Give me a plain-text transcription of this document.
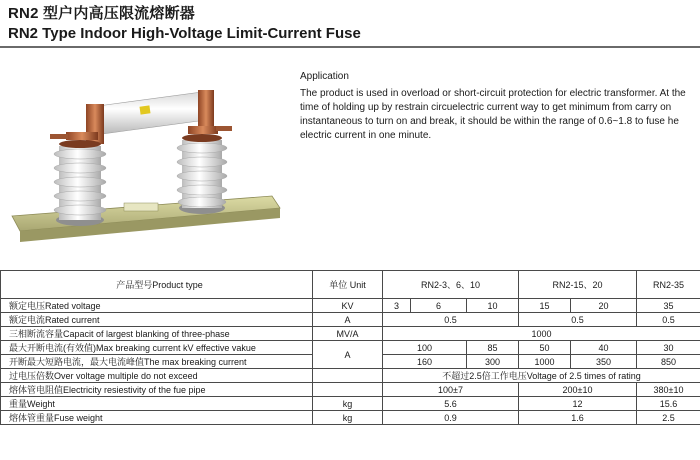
RN2 型户内高压限流熔断器
RN2 Type Indoor High-Voltage Limit-Current Fuse
Application

The product is used in overload or short-circuit protection for electric transformer. At the time of holding up by restrain circuelectric current way to get minimum from carry on instantaneous to turn on and break, it should be within the range of 0.6~1.8 to fuse he electric current in one minute.

产品型号Product type	单位 Unit	RN2-3、6、10			RN2-15、20		RN2-35	
额定电压Rated voltage	KV	3	6	10	15	20	35	
额定电流Rated current	A	0.5			0.5		0.5	
三相断流容量Capacit of largest blanking of three-phase	MV/A	1000						
最大开断电流(有效值)Max breaking current kV effective vakue	A	100		85	50	40	30	
开断最大短路电流，最大电流峰值The max breaking current		160		300	1000	350	850	
过电压倍数Over voltage multiple do not exceed		不超过2.5倍工作电压Voltage of 2.5 times of rating						
熔体管电阻值Electricity resiestivity of the fue pipe		100±7			200±10		380±10	
重量Weight	kg	5.6			12		15.6	
熔体管重量Fuse weight	kg	0.9			1.6		2.5	
